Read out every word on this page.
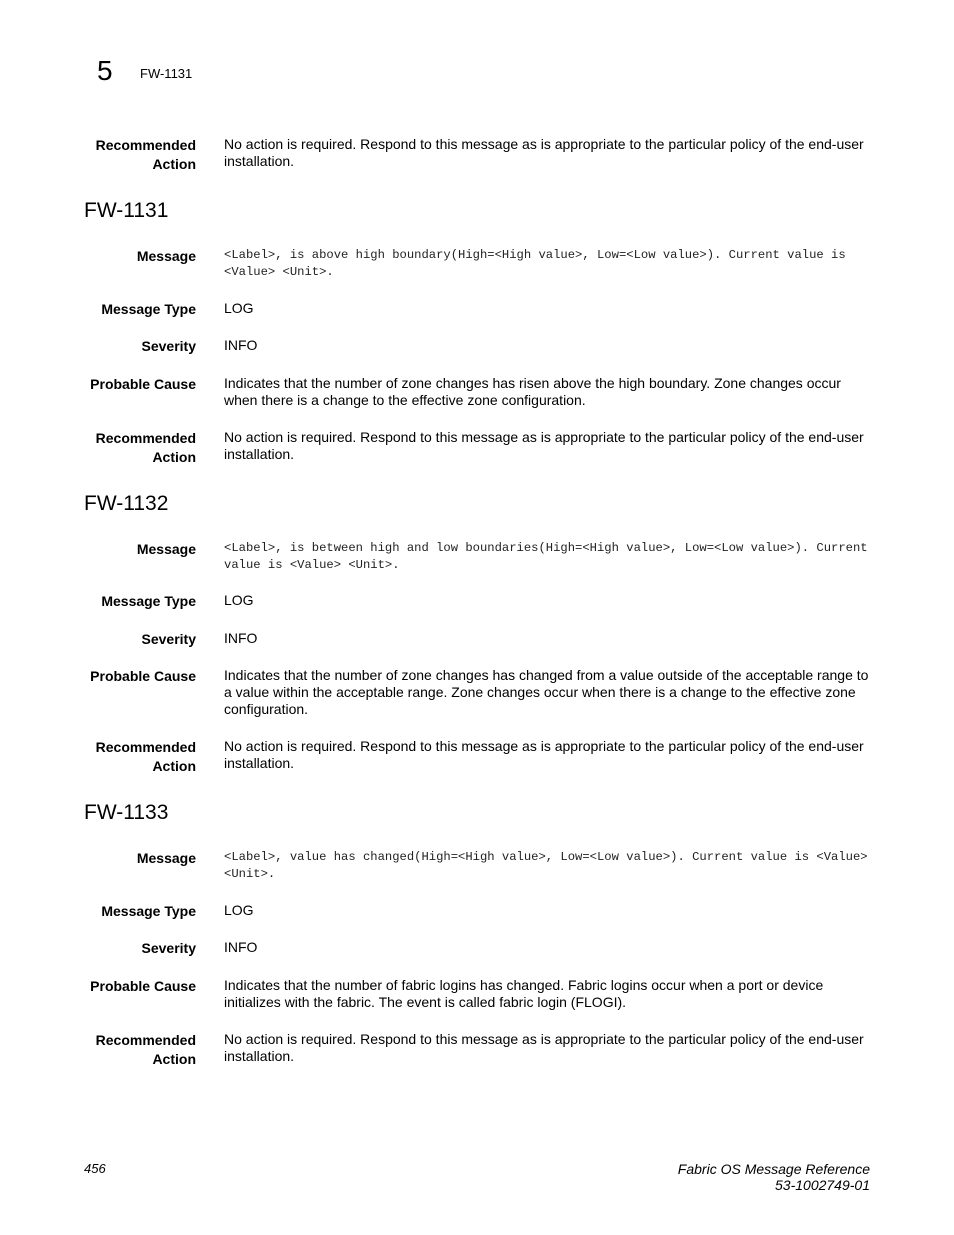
5 FW-1131
Recommended
Action
No action is required. Respond to this message as is appropriate to the particular policy of the end-user installation.
FW-1131
Message <Label>, is above high boundary(High=<High value>, Low=<Low value>). Current value is <Value> <Unit>.
Message Type LOG
Severity INFO
Probable Cause Indicates that the number of zone changes has risen above the high boundary. Zone changes occur when there is a change to the effective zone configuration.
Recommended
Action
No action is required. Respond to this message as is appropriate to the particular policy of the end-user installation.
FW-1132
Message <Label>, is between high and low boundaries(High=<High value>, Low=<Low value>). Current value is <Value> <Unit>.
Message Type LOG
Severity INFO
Probable Cause Indicates that the number of zone changes has changed from a value outside of the acceptable range to a value within the acceptable range. Zone changes occur when there is a change to the effective zone configuration.
Recommended
Action
No action is required. Respond to this message as is appropriate to the particular policy of the end-user installation.
FW-1133
Message <Label>, value has changed(High=<High value>, Low=<Low value>). Current value is <Value> <Unit>.
Message Type LOG
Severity INFO
Probable Cause Indicates that the number of fabric logins has changed. Fabric logins occur when a port or device initializes with the fabric. The event is called fabric login (FLOGI).
Recommended
Action
No action is required. Respond to this message as is appropriate to the particular policy of the end-user installation.
456	Fabric OS Message Reference
53-1002749-01
